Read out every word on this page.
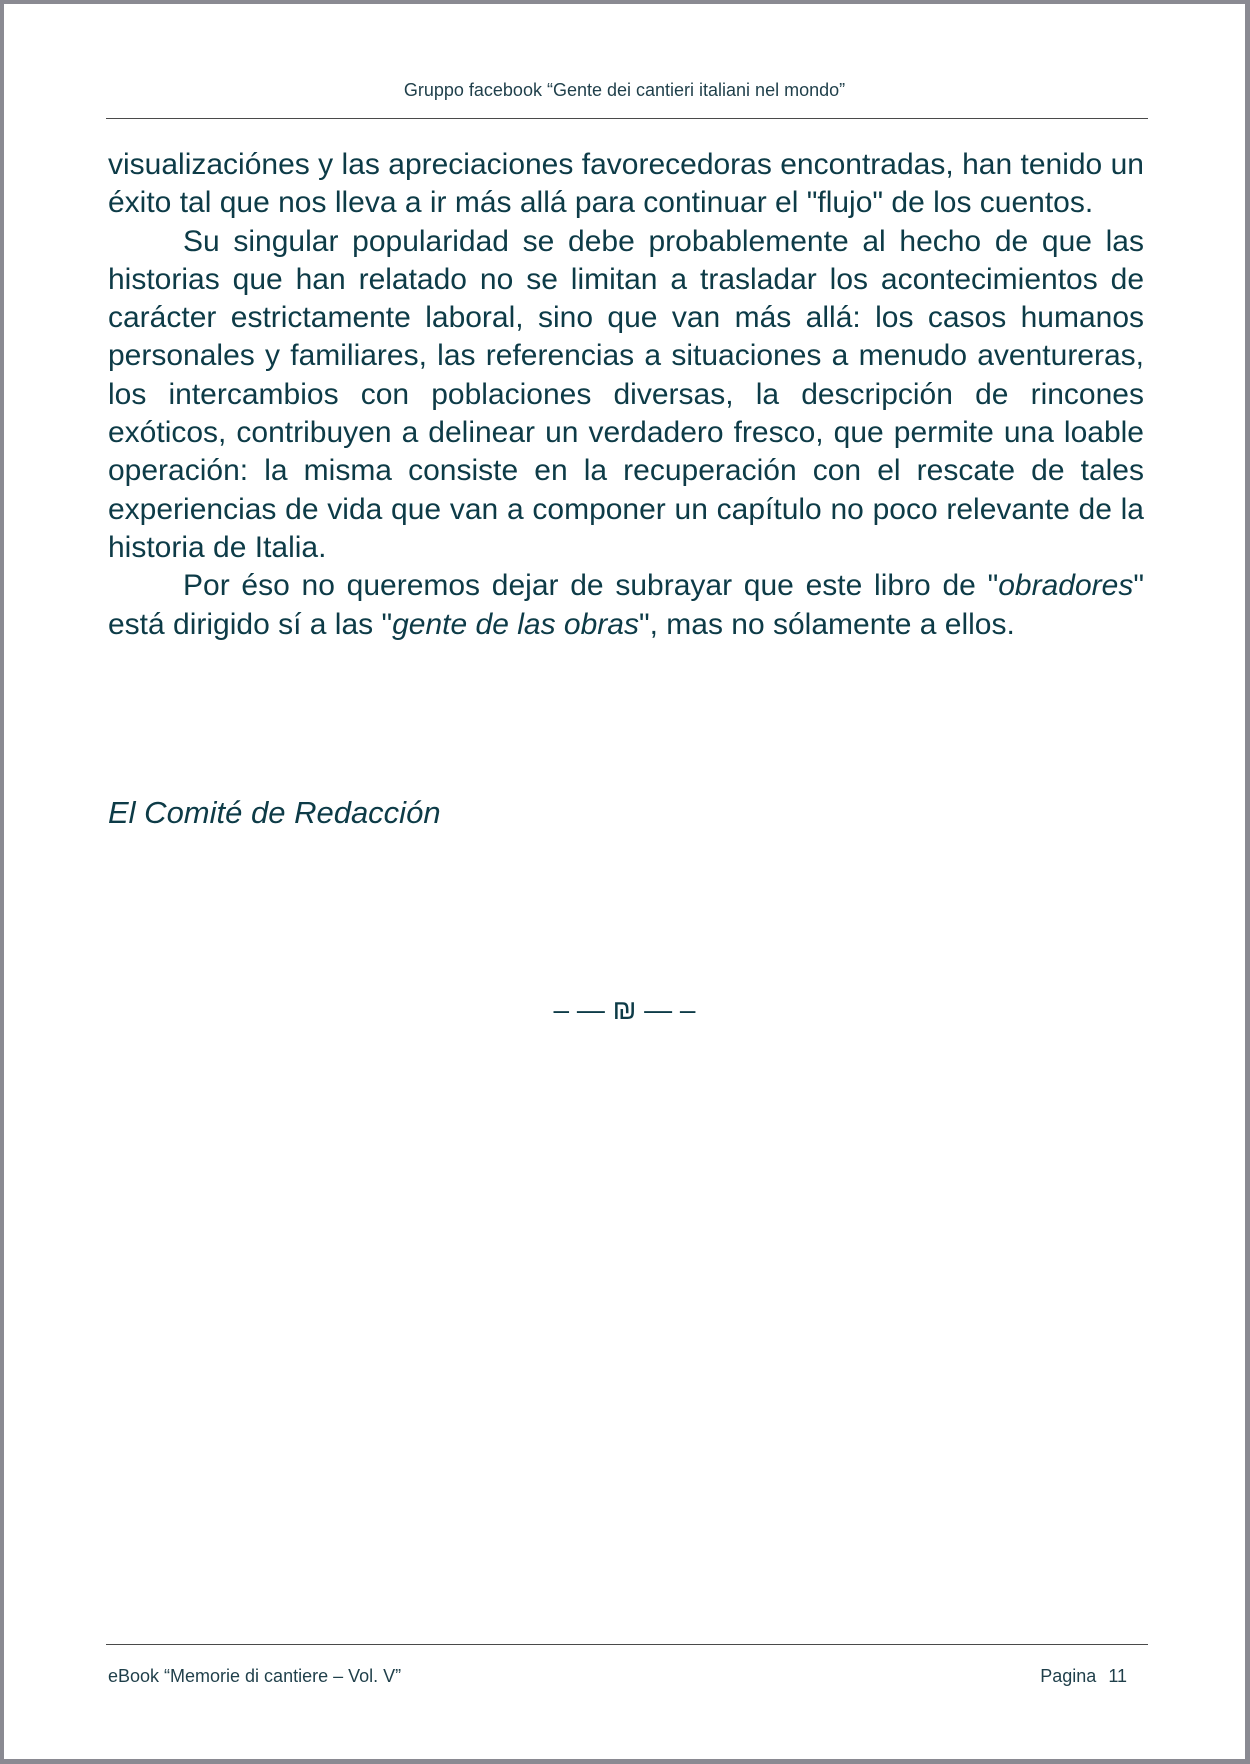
Gruppo facebook “Gente dei cantieri italiani nel mondo”

visualizaciónes y las apreciaciones favorecedoras encontradas, han tenido un éxito tal que nos lleva a ir más allá para continuar el "flujo" de los cuentos.

Su singular popularidad se debe probablemente al hecho de que las historias que han relatado no se limitan a trasladar los acontecimientos de carácter estrictamente laboral, sino que van más allá: los casos humanos personales y familiares, las referencias a situaciones a menudo aventureras, los intercambios con poblaciones diversas, la descripción de rincones exóticos, contribuyen a delinear un verdadero fresco, que permite una loable operación: la misma consiste en la recuperación con el rescate de tales experiencias de vida que van a componer un capítulo no poco relevante de la historia de Italia.

Por éso no queremos dejar de subrayar que este libro de "obradores" está dirigido sí a las "gente de las obras", mas no sólamente a ellos.

El Comité de Redacción
– — ₪ — –
eBook “Memorie di cantiere – Vol. V”	Pagina 11
